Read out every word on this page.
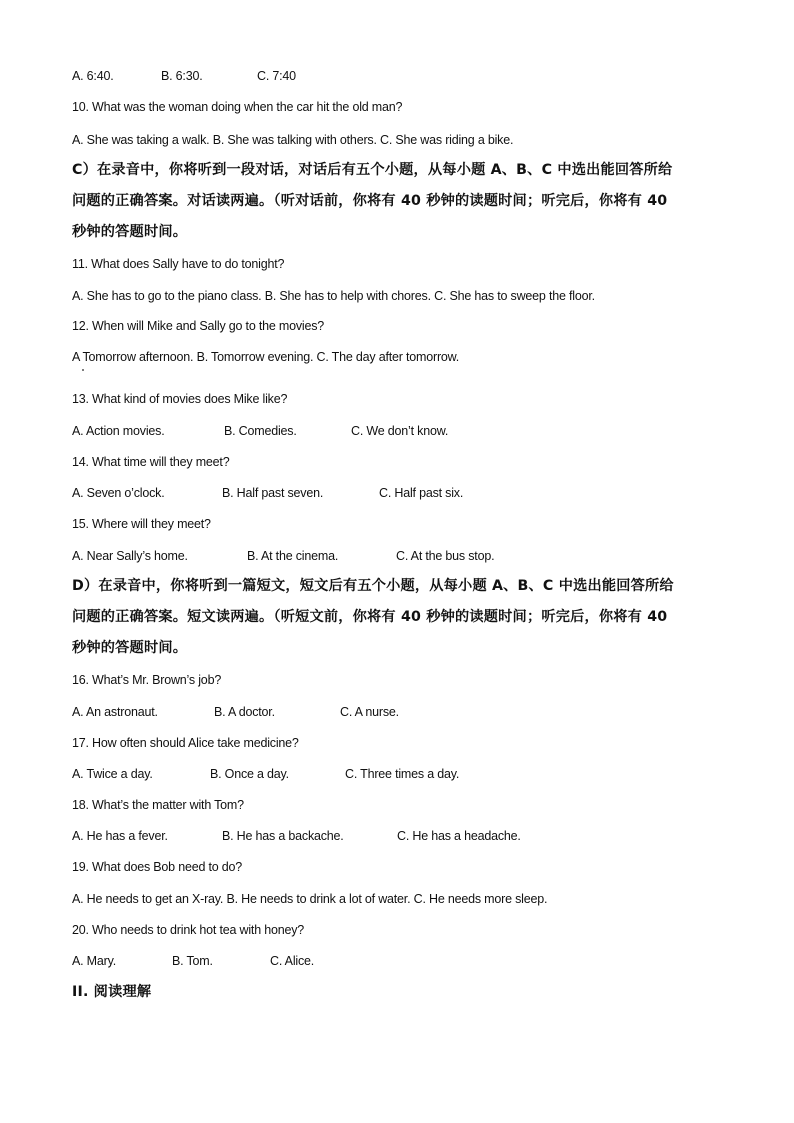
A. 6:40.	B. 6:30.	C. 7:40
10. What was the woman doing when the car hit the old man?
A. She was taking a walk. B. She was talking with others. C. She was riding a bike.
C）在录音中，你将听到一段对话，对话后有五个小题，从每小题 A、B、C 中选出能回答所给
问题的正确答案。对话读两遍。（听对话前，你将有 40 秒钟的读题时间；听完后，你将有 40
秒钟的答题时间。
11. What does Sally have to do tonight?
A. She has to go to the piano class. B. She has to help with chores. C. She has to sweep the floor.
12. When will Mike and Sally go to the movies?
A Tomorrow afternoon. B. Tomorrow evening. C. The day after tomorrow.
13. What kind of movies does Mike like?
A. Action movies.	B. Comedies.	C. We don’t know.
14. What time will they meet?
A. Seven o’clock.	B. Half past seven.	C. Half past six.
15. Where will they meet?
A. Near Sally’s home.	B. At the cinema.	C. At the bus stop.
D）在录音中，你将听到一篇短文，短文后有五个小题，从每小题 A、B、C 中选出能回答所给
问题的正确答案。短文读两遍。（听短文前，你将有 40 秒钟的读题时间；听完后，你将有 40
秒钟的答题时间。
16. What’s Mr. Brown’s job?
A. An astronaut.	B. A doctor.	C. A nurse.
17. How often should Alice take medicine?
A. Twice a day.	B. Once a day.	C. Three times a day.
18. What’s the matter with Tom?
A. He has a fever.	B. He has a backache.	C. He has a headache.
19. What does Bob need to do?
A. He needs to get an X-ray. B. He needs to drink a lot of water. C. He needs more sleep.
20. Who needs to drink hot tea with honey?
A. Mary.	B. Tom.	C. Alice.
II. 阅读理解
